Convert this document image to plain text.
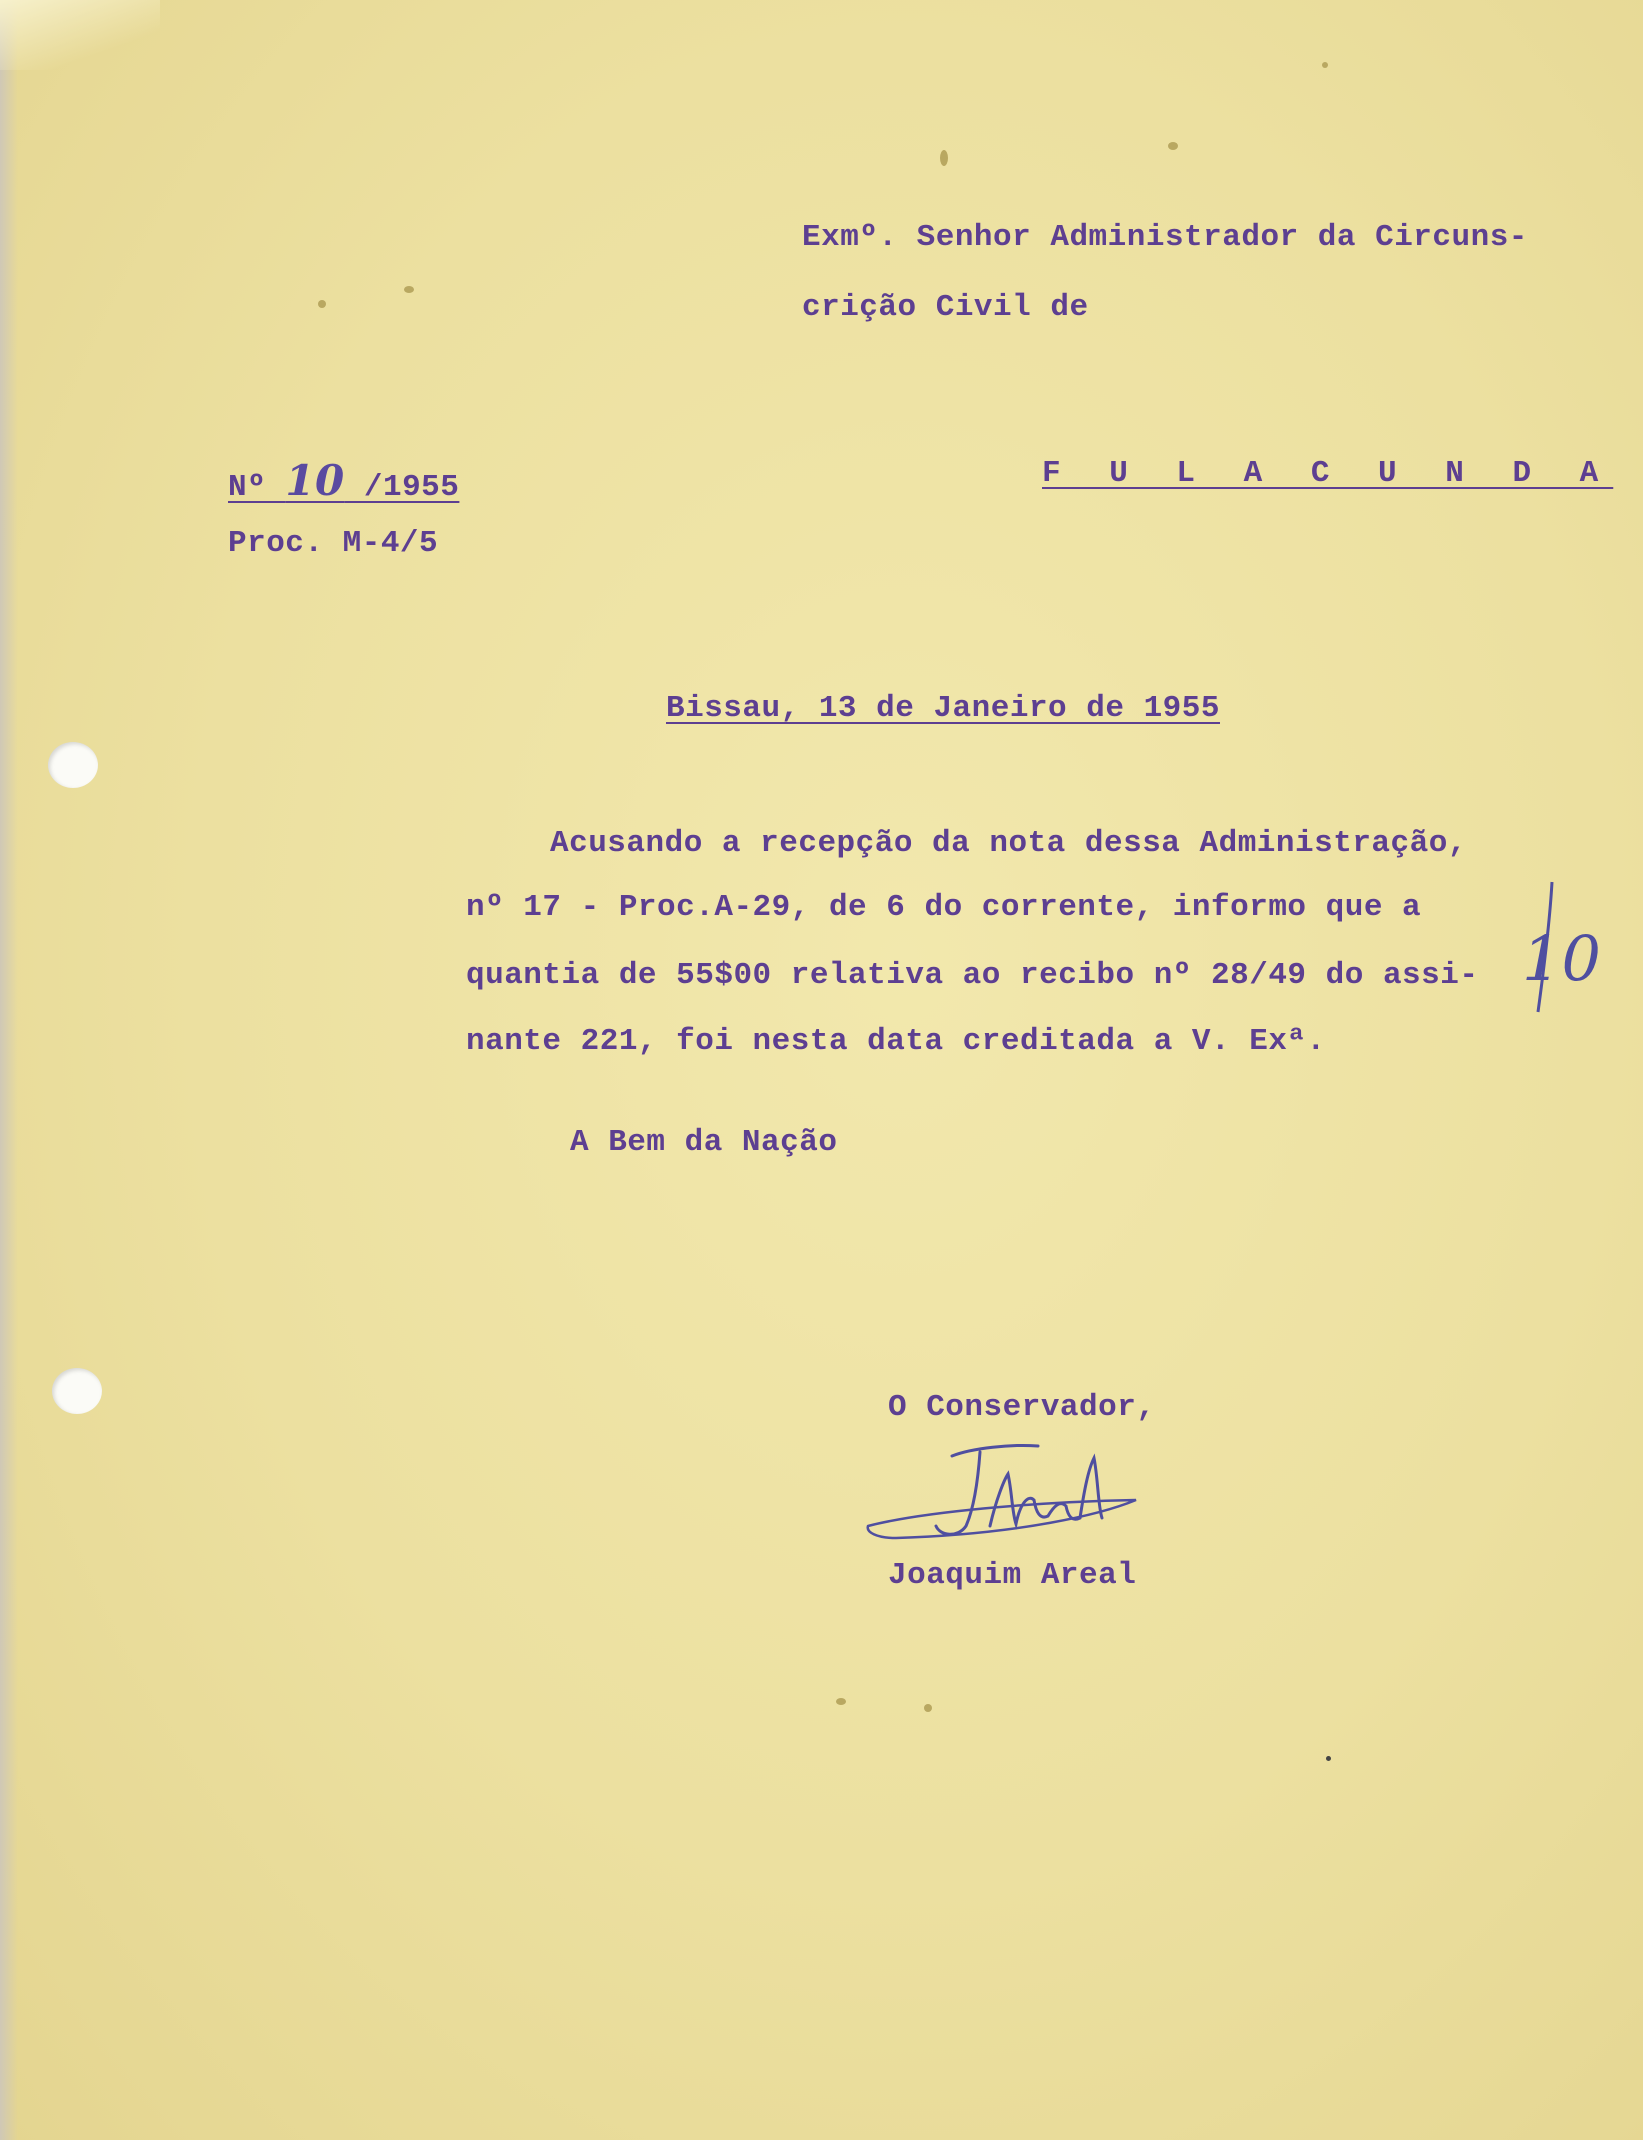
Exmº. Senhor Administrador da Circuns-
crição Civil de
Nº 10 /1955	F U L A C U N D A
Proc. M-4/5
Bissau, 13 de Janeiro de 1955
Acusando a recepção da nota dessa Administração,
nº 17 - Proc.A-29, de 6 do corrente, informo que a
quantia de 55$00 relativa ao recibo nº 28/49 do assi-
nante 221, foi nesta data creditada a V. Exª.
10
A Bem da Nação
O Conservador,
Joaquim Areal
